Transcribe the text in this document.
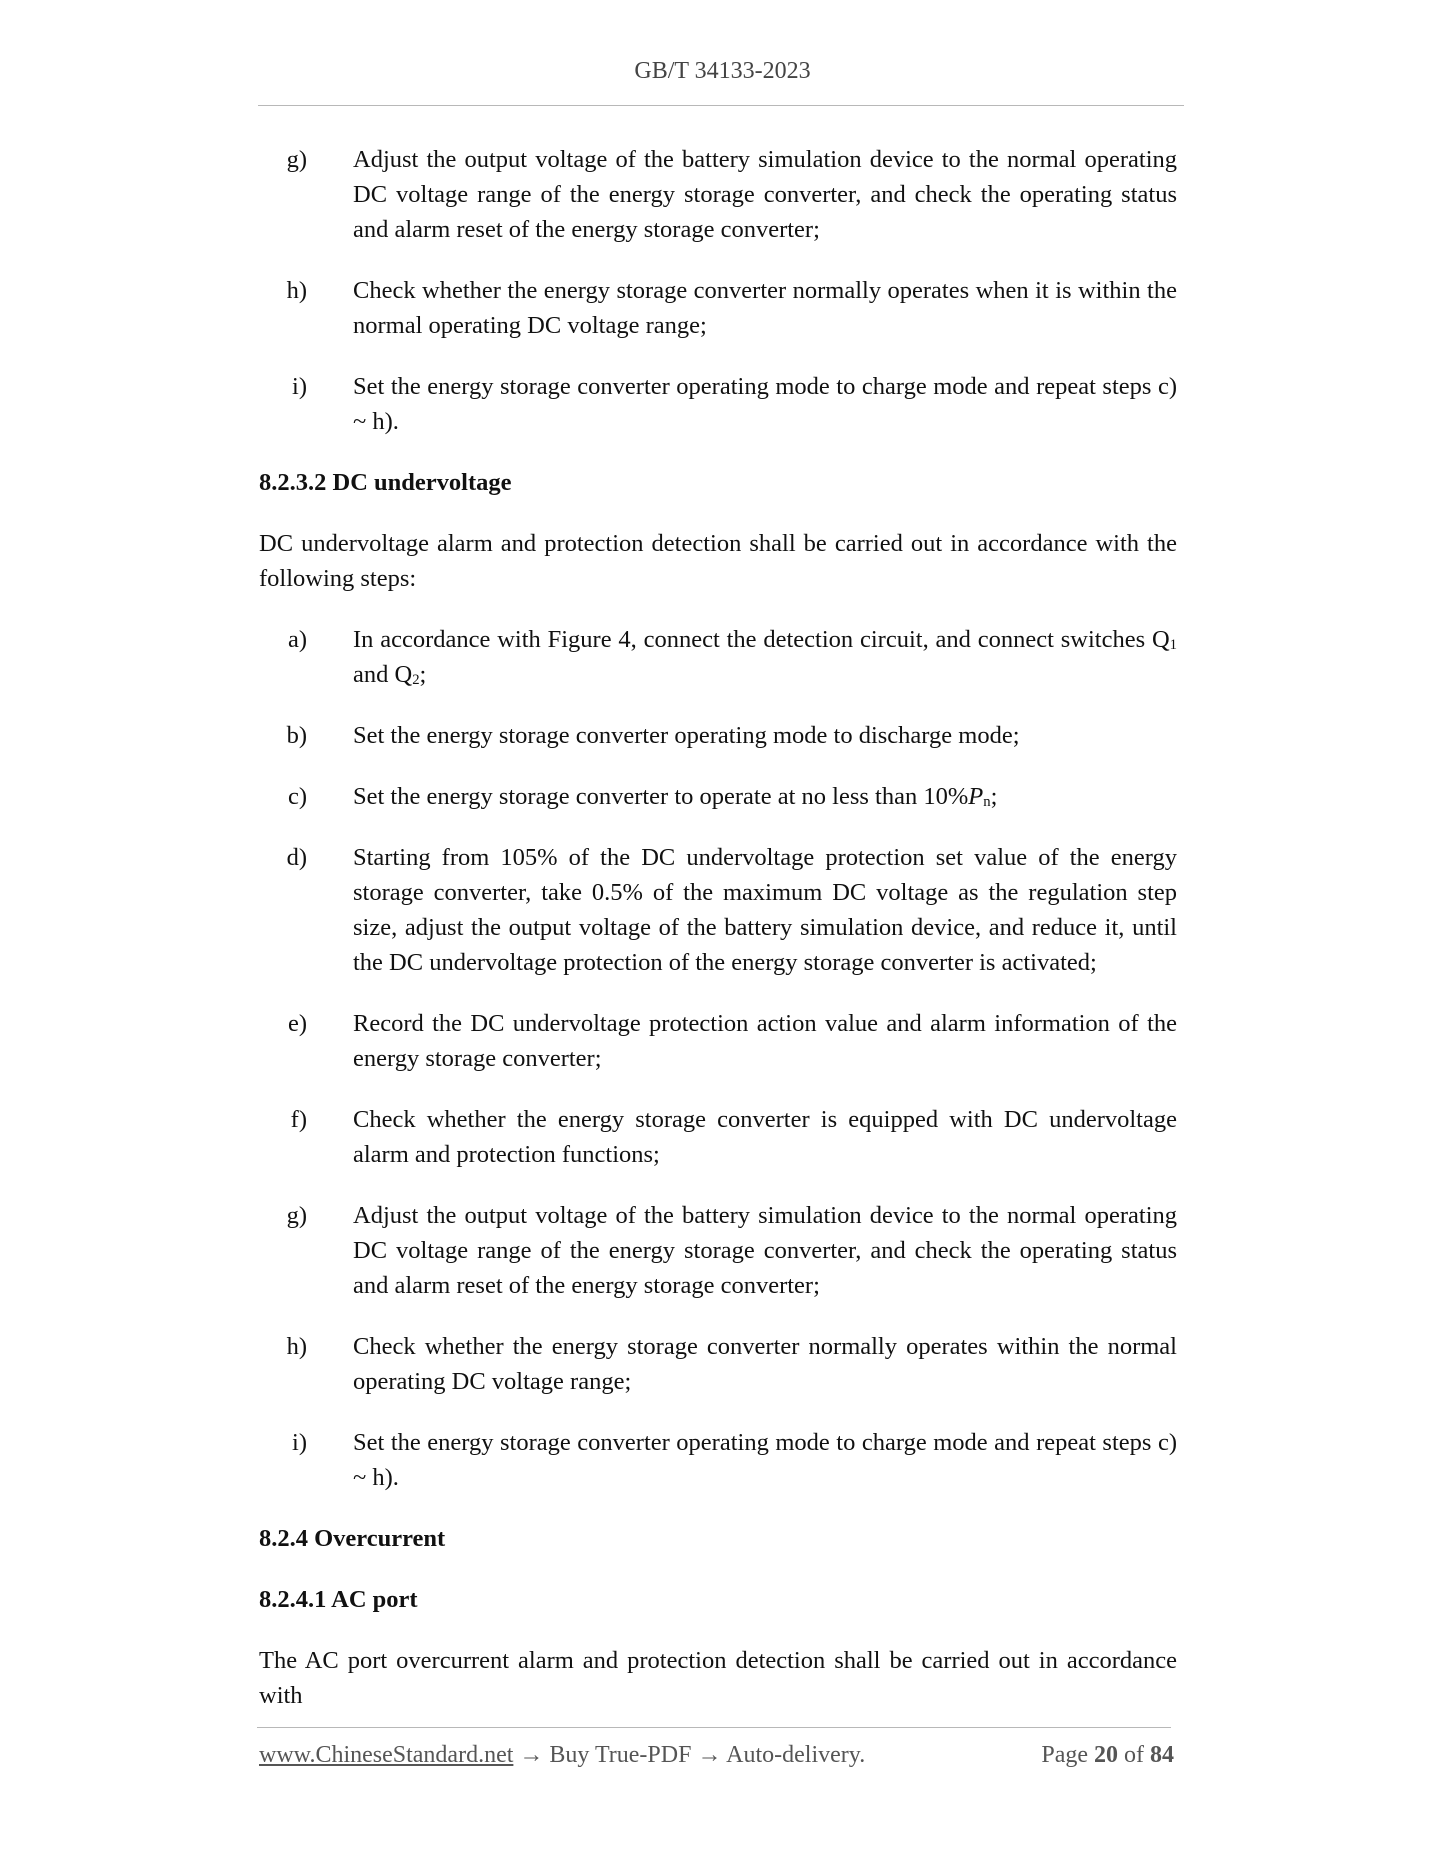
GB/T 34133-2023
g)	Adjust the output voltage of the battery simulation device to the normal operating DC voltage range of the energy storage converter, and check the operating status and alarm reset of the energy storage converter;
h)	Check whether the energy storage converter normally operates when it is within the normal operating DC voltage range;
i)	Set the energy storage converter operating mode to charge mode and repeat steps c) ~ h).
8.2.3.2 DC undervoltage
DC undervoltage alarm and protection detection shall be carried out in accordance with the following steps:
a)	In accordance with Figure 4, connect the detection circuit, and connect switches $Q_1$ and $Q_2$;
b)	Set the energy storage converter operating mode to discharge mode;
c)	Set the energy storage converter to operate at no less than $10\%P_n$;
d)	Starting from 105% of the DC undervoltage protection set value of the energy storage converter, take 0.5% of the maximum DC voltage as the regulation step size, adjust the output voltage of the battery simulation device, and reduce it, until the DC undervoltage protection of the energy storage converter is activated;
e)	Record the DC undervoltage protection action value and alarm information of the energy storage converter;
f)	Check whether the energy storage converter is equipped with DC undervoltage alarm and protection functions;
g)	Adjust the output voltage of the battery simulation device to the normal operating DC voltage range of the energy storage converter, and check the operating status and alarm reset of the energy storage converter;
h)	Check whether the energy storage converter normally operates within the normal operating DC voltage range;
i)	Set the energy storage converter operating mode to charge mode and repeat steps c) ~ h).
8.2.4 Overcurrent
8.2.4.1 AC port
The AC port overcurrent alarm and protection detection shall be carried out in accordance with
www.ChineseStandard.net → Buy True-PDF → Auto-delivery.	Page 20 of 84
